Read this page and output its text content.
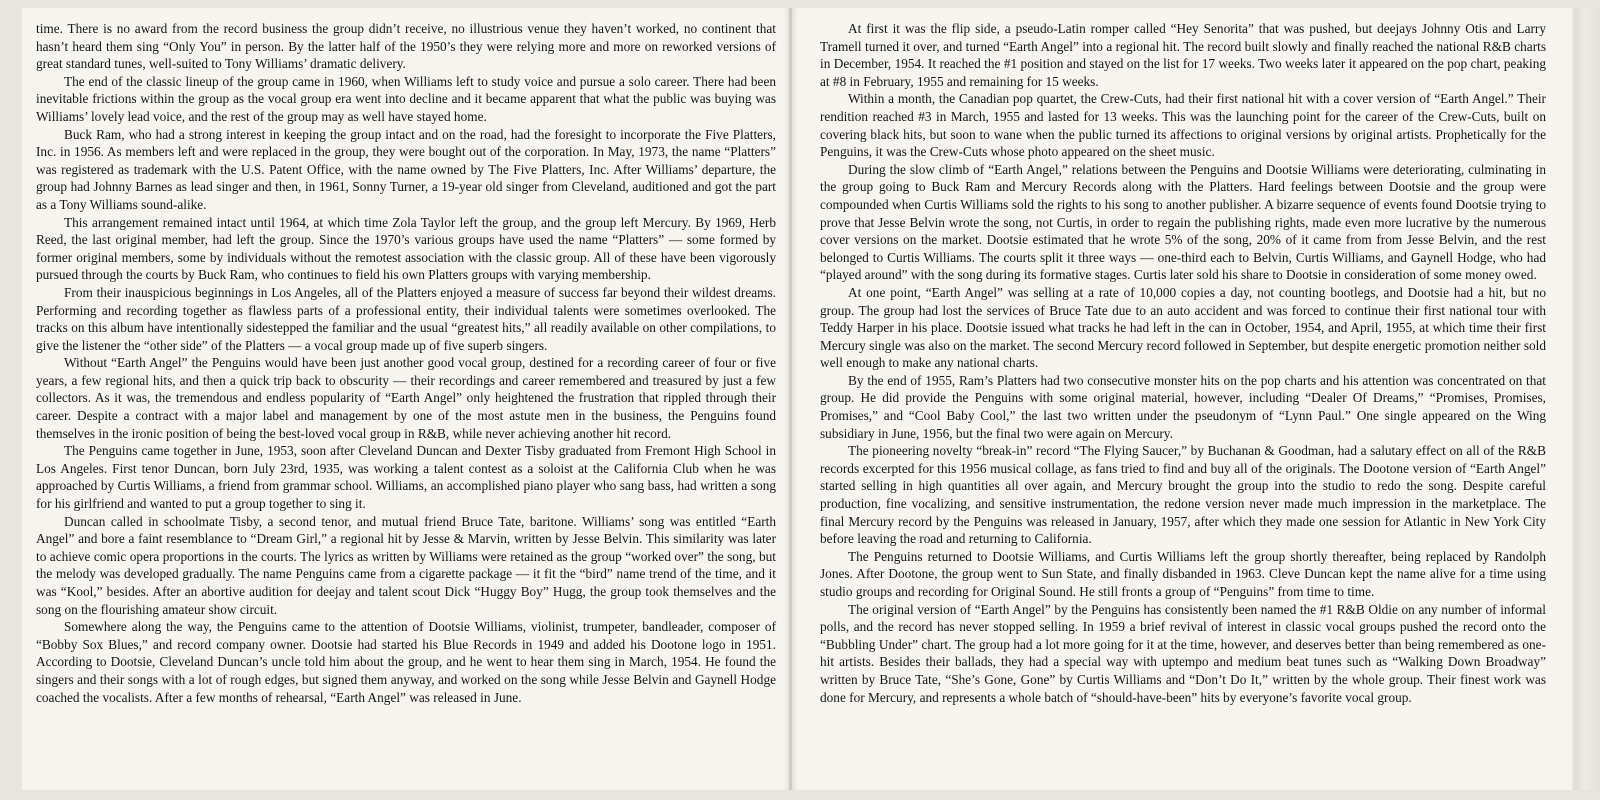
time. There is no award from the record business the group didn’t receive, no illustrious venue they haven’t worked, no continent that hasn’t heard them sing “Only You” in person. By the latter half of the 1950’s they were relying more and more on reworked versions of great standard tunes, well-suited to Tony Williams’ dramatic delivery.

The end of the classic lineup of the group came in 1960, when Williams left to study voice and pursue a solo career. There had been inevitable frictions within the group as the vocal group era went into decline and it became apparent that what the public was buying was Williams’ lovely lead voice, and the rest of the group may as well have stayed home.

Buck Ram, who had a strong interest in keeping the group intact and on the road, had the foresight to incorporate the Five Platters, Inc. in 1956. As members left and were replaced in the group, they were bought out of the corporation. In May, 1973, the name “Platters” was registered as trademark with the U.S. Patent Office, with the name owned by The Five Platters, Inc. After Williams’ departure, the group had Johnny Barnes as lead singer and then, in 1961, Sonny Turner, a 19-year old singer from Cleveland, auditioned and got the part as a Tony Williams sound-alike.

This arrangement remained intact until 1964, at which time Zola Taylor left the group, and the group left Mercury. By 1969, Herb Reed, the last original member, had left the group. Since the 1970’s various groups have used the name “Platters” — some formed by former original members, some by individuals without the remotest association with the classic group. All of these have been vigorously pursued through the courts by Buck Ram, who continues to field his own Platters groups with varying membership.

From their inauspicious beginnings in Los Angeles, all of the Platters enjoyed a measure of success far beyond their wildest dreams. Performing and recording together as flawless parts of a professional entity, their individual talents were sometimes overlooked. The tracks on this album have intentionally sidestepped the familiar and the usual “greatest hits,” all readily available on other compilations, to give the listener the “other side” of the Platters — a vocal group made up of five superb singers.

Without “Earth Angel” the Penguins would have been just another good vocal group, destined for a recording career of four or five years, a few regional hits, and then a quick trip back to obscurity — their recordings and career remembered and treasured by just a few collectors. As it was, the tremendous and endless popularity of “Earth Angel” only heightened the frustration that rippled through their career. Despite a contract with a major label and management by one of the most astute men in the business, the Penguins found themselves in the ironic position of being the best-loved vocal group in R&B, while never achieving another hit record.

The Penguins came together in June, 1953, soon after Cleveland Duncan and Dexter Tisby graduated from Fremont High School in Los Angeles. First tenor Duncan, born July 23rd, 1935, was working a talent contest as a soloist at the California Club when he was approached by Curtis Williams, a friend from grammar school. Williams, an accomplished piano player who sang bass, had written a song for his girlfriend and wanted to put a group together to sing it.

Duncan called in schoolmate Tisby, a second tenor, and mutual friend Bruce Tate, baritone. Williams’ song was entitled “Earth Angel” and bore a faint resemblance to “Dream Girl,” a regional hit by Jesse & Marvin, written by Jesse Belvin. This similarity was later to achieve comic opera proportions in the courts. The lyrics as written by Williams were retained as the group “worked over” the song, but the melody was developed gradually. The name Penguins came from a cigarette package — it fit the “bird” name trend of the time, and it was “Kool,” besides. After an abortive audition for deejay and talent scout Dick “Huggy Boy” Hugg, the group took themselves and the song on the flourishing amateur show circuit.

Somewhere along the way, the Penguins came to the attention of Dootsie Williams, violinist, trumpeter, bandleader, composer of “Bobby Sox Blues,” and record company owner. Dootsie had started his Blue Records in 1949 and added his Dootone logo in 1951. According to Dootsie, Cleveland Duncan’s uncle told him about the group, and he went to hear them sing in March, 1954. He found the singers and their songs with a lot of rough edges, but signed them anyway, and worked on the song while Jesse Belvin and Gaynell Hodge coached the vocalists. After a few months of rehearsal, “Earth Angel” was released in June.

At first it was the flip side, a pseudo-Latin romper called “Hey Senorita” that was pushed, but deejays Johnny Otis and Larry Tramell turned it over, and turned “Earth Angel” into a regional hit. The record built slowly and finally reached the national R&B charts in December, 1954. It reached the #1 position and stayed on the list for 17 weeks. Two weeks later it appeared on the pop chart, peaking at #8 in February, 1955 and remaining for 15 weeks.

Within a month, the Canadian pop quartet, the Crew-Cuts, had their first national hit with a cover version of “Earth Angel.” Their rendition reached #3 in March, 1955 and lasted for 13 weeks. This was the launching point for the career of the Crew-Cuts, built on covering black hits, but soon to wane when the public turned its affections to original versions by original artists. Prophetically for the Penguins, it was the Crew-Cuts whose photo appeared on the sheet music.

During the slow climb of “Earth Angel,” relations between the Penguins and Dootsie Williams were deteriorating, culminating in the group going to Buck Ram and Mercury Records along with the Platters. Hard feelings between Dootsie and the group were compounded when Curtis Williams sold the rights to his song to another publisher. A bizarre sequence of events found Dootsie trying to prove that Jesse Belvin wrote the song, not Curtis, in order to regain the publishing rights, made even more lucrative by the numerous cover versions on the market. Dootsie estimated that he wrote 5% of the song, 20% of it came from from Jesse Belvin, and the rest belonged to Curtis Williams. The courts split it three ways — one-third each to Belvin, Curtis Williams, and Gaynell Hodge, who had “played around” with the song during its formative stages. Curtis later sold his share to Dootsie in consideration of some money owed.

At one point, “Earth Angel” was selling at a rate of 10,000 copies a day, not counting bootlegs, and Dootsie had a hit, but no group. The group had lost the services of Bruce Tate due to an auto accident and was forced to continue their first national tour with Teddy Harper in his place. Dootsie issued what tracks he had left in the can in October, 1954, and April, 1955, at which time their first Mercury single was also on the market. The second Mercury record followed in September, but despite energetic promotion neither sold well enough to make any national charts.

By the end of 1955, Ram’s Platters had two consecutive monster hits on the pop charts and his attention was concentrated on that group. He did provide the Penguins with some original material, however, including “Dealer Of Dreams,” “Promises, Promises, Promises,” and “Cool Baby Cool,” the last two written under the pseudonym of “Lynn Paul.” One single appeared on the Wing subsidiary in June, 1956, but the final two were again on Mercury.

The pioneering novelty “break-in” record “The Flying Saucer,” by Buchanan & Goodman, had a salutary effect on all of the R&B records excerpted for this 1956 musical collage, as fans tried to find and buy all of the originals. The Dootone version of “Earth Angel” started selling in high quantities all over again, and Mercury brought the group into the studio to redo the song. Despite careful production, fine vocalizing, and sensitive instrumentation, the redone version never made much impression in the marketplace. The final Mercury record by the Penguins was released in January, 1957, after which they made one session for Atlantic in New York City before leaving the road and returning to California.

The Penguins returned to Dootsie Williams, and Curtis Williams left the group shortly thereafter, being replaced by Randolph Jones. After Dootone, the group went to Sun State, and finally disbanded in 1963. Cleve Duncan kept the name alive for a time using studio groups and recording for Original Sound. He still fronts a group of “Penguins” from time to time.

The original version of “Earth Angel” by the Penguins has consistently been named the #1 R&B Oldie on any number of informal polls, and the record has never stopped selling. In 1959 a brief revival of interest in classic vocal groups pushed the record onto the “Bubbling Under” chart. The group had a lot more going for it at the time, however, and deserves better than being remembered as one-hit artists. Besides their ballads, they had a special way with uptempo and medium beat tunes such as “Walking Down Broadway” written by Bruce Tate, “She’s Gone, Gone” by Curtis Williams and “Don’t Do It,” written by the whole group. Their finest work was done for Mercury, and represents a whole batch of “should-have-been” hits by everyone’s favorite vocal group.
